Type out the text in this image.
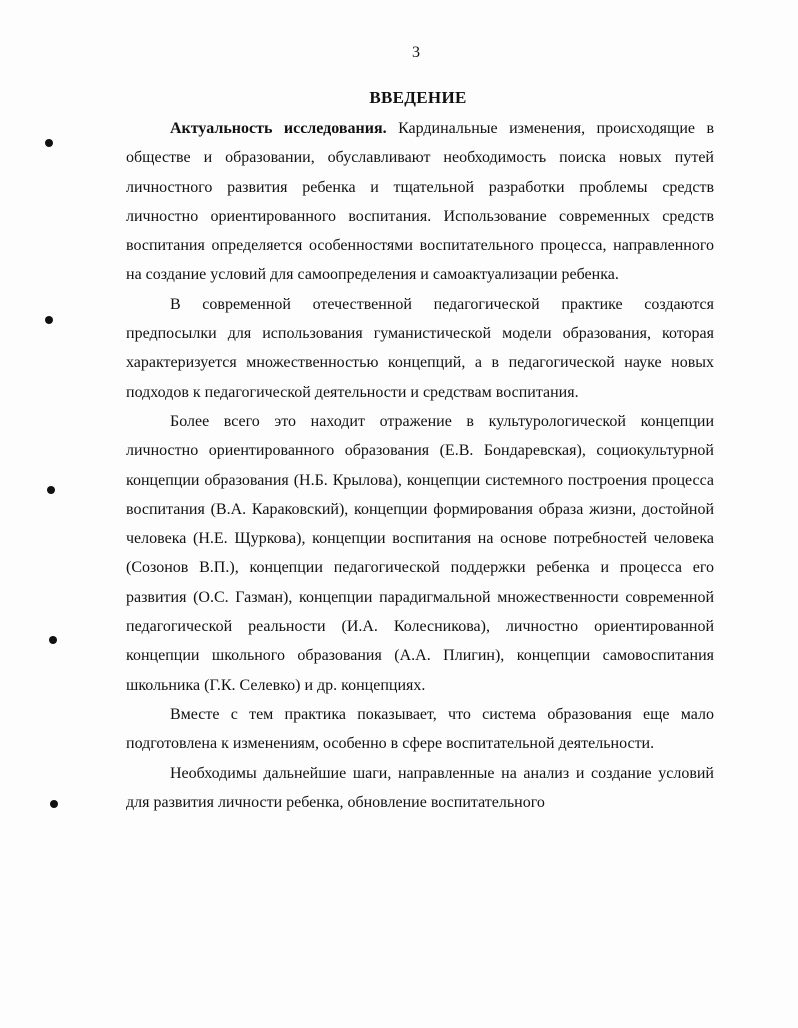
3
ВВЕДЕНИЕ

Актуальность исследования. Кардинальные изменения, происходящие в обществе и образовании, обуславливают необходимость поиска новых путей личностного развития ребенка и тщательной разработки проблемы средств личностно ориентированного воспитания. Использование современных средств воспитания определяется особенностями воспитательного процесса, направленного на создание условий для самоопределения и самоактуализации ребенка.

В современной отечественной педагогической практике создаются предпосылки для использования гуманистической модели образования, которая характеризуется множественностью концепций, а в педагогической науке новых подходов к педагогической деятельности и средствам воспитания.

Более всего это находит отражение в культурологической концепции личностно ориентированного образования (Е.В. Бондаревская), социокультурной концепции образования (Н.Б. Крылова), концепции системного построения процесса воспитания (В.А. Караковский), концепции формирования образа жизни, достойной человека (Н.Е. Щуркова), концепции воспитания на основе потребностей человека (Созонов В.П.), концепции педагогической поддержки ребенка и процесса его развития (О.С. Газман), концепции парадигмальной множественности современной педагогической реальности (И.А. Колесникова), личностно ориентированной концепции школьного образования (А.А. Плигин), концепции самовоспитания школьника (Г.К. Селевко) и др. концепциях.

Вместе с тем практика показывает, что система образования еще мало подготовлена к изменениям, особенно в сфере воспитательной деятельности.

Необходимы дальнейшие шаги, направленные на анализ и создание условий для развития личности ребенка, обновление воспитательного
